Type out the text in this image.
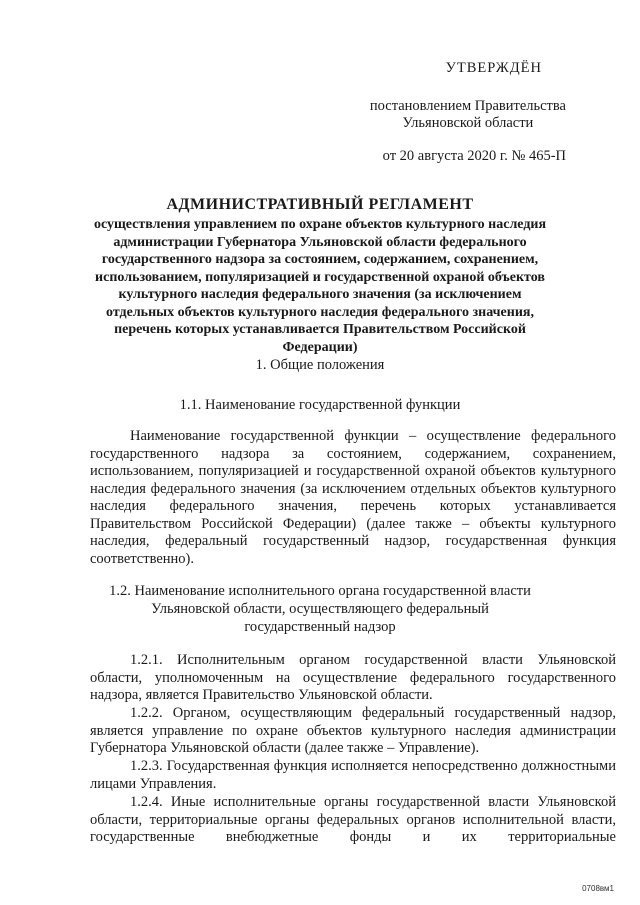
УТВЕРЖДЁН
постановлением Правительства
Ульяновской области
от 20 августа 2020 г. № 465-П
АДМИНИСТРАТИВНЫЙ РЕГЛАМЕНТ
осуществления управлением по охране объектов культурного наследия администрации Губернатора Ульяновской области федерального государственного надзора за состоянием, содержанием, сохранением, использованием, популяризацией и государственной охраной объектов культурного наследия федерального значения (за исключением отдельных объектов культурного наследия федерального значения, перечень которых устанавливается Правительством Российской Федерации)
1. Общие положения
1.1. Наименование государственной функции
Наименование государственной функции – осуществление федерального государственного надзора за состоянием, содержанием, сохранением, использованием, популяризацией и государственной охраной объектов культурного наследия федерального значения (за исключением отдельных объектов культурного наследия федерального значения, перечень которых устанавливается Правительством Российской Федерации) (далее также – объекты культурного наследия, федеральный государственный надзор, государственная функция соответственно).
1.2. Наименование исполнительного органа государственной власти
Ульяновской области, осуществляющего федеральный
государственный надзор
1.2.1. Исполнительным органом государственной власти Ульяновской области, уполномоченным на осуществление федерального государственного надзора, является Правительство Ульяновской области.
1.2.2. Органом, осуществляющим федеральный государственный надзор, является управление по охране объектов культурного наследия администрации Губернатора Ульяновской области (далее также – Управление).
1.2.3. Государственная функция исполняется непосредственно должностными лицами Управления.
1.2.4. Иные исполнительные органы государственной власти Ульяновской области, территориальные органы федеральных органов исполнительной власти, государственные внебюджетные фонды и их территориальные
0708вм1
